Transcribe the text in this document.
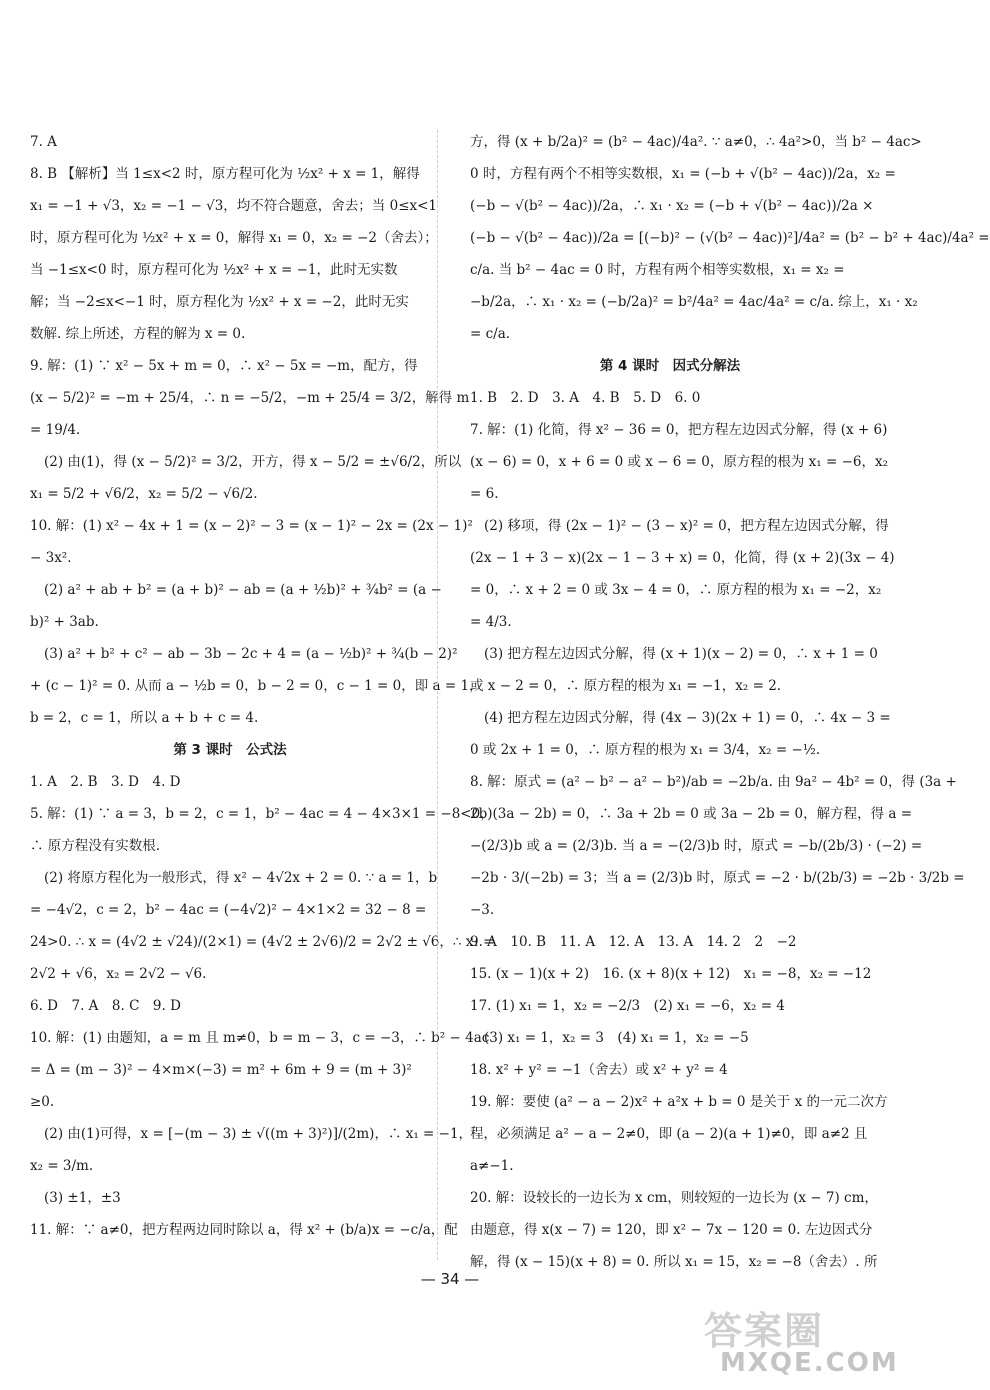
7. A
8. B 【解析】当 1≤x<2 时，原方程可化为 ½x² + x = 1，解得
x₁ = −1 + √3，x₂ = −1 − √3，均不符合题意，舍去；当 0≤x<1
时，原方程可化为 ½x² + x = 0，解得 x₁ = 0，x₂ = −2（舍去）；
当 −1≤x<0 时，原方程可化为 ½x² + x = −1，此时无实数
解；当 −2≤x<−1 时，原方程化为 ½x² + x = −2，此时无实
数解. 综上所述，方程的解为 x = 0.
9. 解：(1) ∵ x² − 5x + m = 0，∴ x² − 5x = −m，配方，得
(x − 5/2)² = −m + 25/4，∴ n = −5/2，−m + 25/4 = 3/2，解得 m
= 19/4.
(2) 由(1)，得 (x − 5/2)² = 3/2，开方，得 x − 5/2 = ±√6/2，所以
x₁ = 5/2 + √6/2，x₂ = 5/2 − √6/2.
10. 解：(1) x² − 4x + 1 = (x − 2)² − 3 = (x − 1)² − 2x = (2x − 1)²
− 3x².
(2) a² + ab + b² = (a + b)² − ab = (a + ½b)² + ¾b² = (a −
b)² + 3ab.
(3) a² + b² + c² − ab − 3b − 2c + 4 = (a − ½b)² + ¾(b − 2)²
+ (c − 1)² = 0. 从而 a − ½b = 0，b − 2 = 0，c − 1 = 0，即 a = 1，
b = 2，c = 1，所以 a + b + c = 4.
第 3 课时　公式法
1. A　2. B　3. D　4. D
5. 解：(1) ∵ a = 3，b = 2，c = 1，b² − 4ac = 4 − 4×3×1 = −8<0，
∴ 原方程没有实数根.
(2) 将原方程化为一般形式，得 x² − 4√2x + 2 = 0. ∵ a = 1，b
= −4√2，c = 2，b² − 4ac = (−4√2)² − 4×1×2 = 32 − 8 =
24>0. ∴ x = (4√2 ± √24)/(2×1) = (4√2 ± 2√6)/2 = 2√2 ± √6，∴ x₁ =
2√2 + √6，x₂ = 2√2 − √6.
6. D　7. A　8. C　9. D
10. 解：(1) 由题知，a = m 且 m≠0，b = m − 3，c = −3，∴ b² − 4ac
= Δ = (m − 3)² − 4×m×(−3) = m² + 6m + 9 = (m + 3)²
≥0.
(2) 由(1)可得，x = [−(m − 3) ± √((m + 3)²)]/(2m)，∴ x₁ = −1，
x₂ = 3/m.
(3) ±1，±3
11. 解：∵ a≠0，把方程两边同时除以 a，得 x² + (b/a)x = −c/a，配
方，得 (x + b/2a)² = (b² − 4ac)/4a². ∵ a≠0，∴ 4a²>0，当 b² − 4ac>
0 时，方程有两个不相等实数根，x₁ = (−b + √(b² − 4ac))/2a，x₂ =
(−b − √(b² − 4ac))/2a，∴ x₁ · x₂ = (−b + √(b² − 4ac))/2a ×
(−b − √(b² − 4ac))/2a = [(−b)² − (√(b² − 4ac))²]/4a² = (b² − b² + 4ac)/4a² =
c/a. 当 b² − 4ac = 0 时，方程有两个相等实数根，x₁ = x₂ =
−b/2a，∴ x₁ · x₂ = (−b/2a)² = b²/4a² = 4ac/4a² = c/a. 综上，x₁ · x₂
= c/a.
第 4 课时　因式分解法
1. B　2. D　3. A　4. B　5. D　6. 0
7. 解：(1) 化简，得 x² − 36 = 0，把方程左边因式分解，得 (x + 6)
(x − 6) = 0，x + 6 = 0 或 x − 6 = 0，原方程的根为 x₁ = −6，x₂
= 6.
(2) 移项，得 (2x − 1)² − (3 − x)² = 0，把方程左边因式分解，得
(2x − 1 + 3 − x)(2x − 1 − 3 + x) = 0，化简，得 (x + 2)(3x − 4)
= 0，∴ x + 2 = 0 或 3x − 4 = 0，∴ 原方程的根为 x₁ = −2，x₂
= 4/3.
(3) 把方程左边因式分解，得 (x + 1)(x − 2) = 0，∴ x + 1 = 0
或 x − 2 = 0，∴ 原方程的根为 x₁ = −1，x₂ = 2.
(4) 把方程左边因式分解，得 (4x − 3)(2x + 1) = 0，∴ 4x − 3 =
0 或 2x + 1 = 0，∴ 原方程的根为 x₁ = 3/4，x₂ = −½.
8. 解：原式 = (a² − b² − a² − b²)/ab = −2b/a. 由 9a² − 4b² = 0，得 (3a +
2b)(3a − 2b) = 0，∴ 3a + 2b = 0 或 3a − 2b = 0，解方程，得 a =
−(2/3)b 或 a = (2/3)b. 当 a = −(2/3)b 时，原式 = −b/(2b/3) · (−2) =
−2b · 3/(−2b) = 3；当 a = (2/3)b 时，原式 = −2 · b/(2b/3) = −2b · 3/2b =
−3.
9. A　10. B　11. A　12. A　13. A　14. 2　2　−2
15. (x − 1)(x + 2)　16. (x + 8)(x + 12)　x₁ = −8，x₂ = −12
17. (1) x₁ = 1，x₂ = −2/3　(2) x₁ = −6，x₂ = 4
(3) x₁ = 1，x₂ = 3　(4) x₁ = 1，x₂ = −5
18. x² + y² = −1（舍去）或 x² + y² = 4
19. 解：要使 (a² − a − 2)x² + a²x + b = 0 是关于 x 的一元二次方
程，必须满足 a² − a − 2≠0，即 (a − 2)(a + 1)≠0，即 a≠2 且
a≠−1.
20. 解：设较长的一边长为 x cm，则较短的一边长为 (x − 7) cm，
由题意，得 x(x − 7) = 120，即 x² − 7x − 120 = 0. 左边因式分
解，得 (x − 15)(x + 8) = 0. 所以 x₁ = 15，x₂ = −8（舍去）. 所
— 34 —
答案圈
MXQE.COM
